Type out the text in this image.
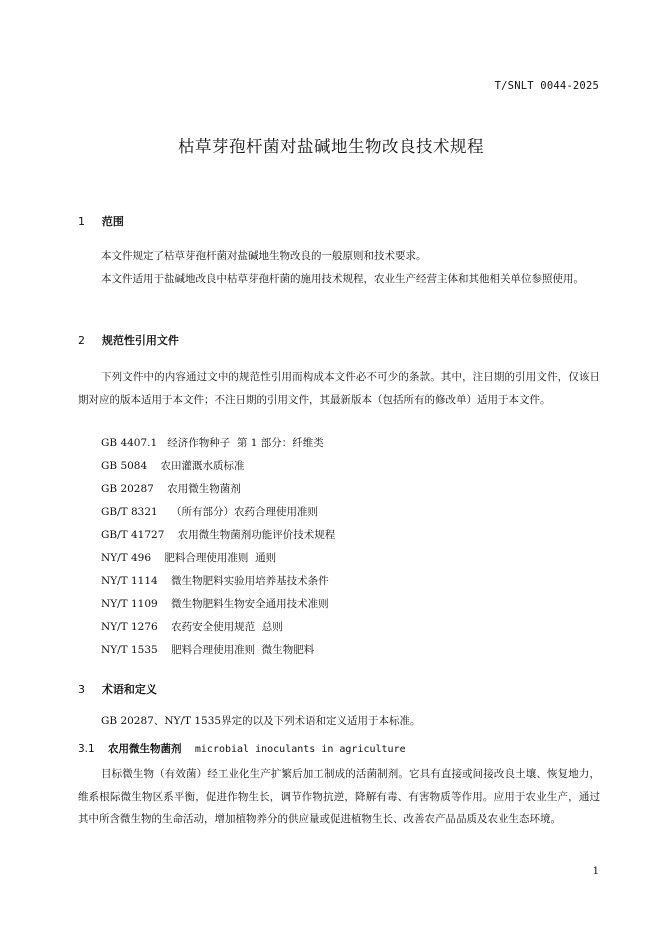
T/SNLT 0044-2025
枯草芽孢杆菌对盐碱地生物改良技术规程
1 范围
本文件规定了枯草芽孢杆菌对盐碱地生物改良的一般原则和技术要求。
本文件适用于盐碱地改良中枯草芽孢杆菌的施用技术规程，农业生产经营主体和其他相关单位参照使用。
2 规范性引用文件
下列文件中的内容通过文中的规范性引用而构成本文件必不可少的条款。其中，注日期的引用文件，仅该日期对应的版本适用于本文件；不注日期的引用文件，其最新版本（包括所有的修改单）适用于本文件。
GB 4407.1   经济作物种子  第 1 部分：纤维类
GB 5084    农田灌溉水质标准
GB 20287    农用微生物菌剂
GB/T 8321    （所有部分）农药合理使用准则
GB/T 41727    农用微生物菌剂功能评价技术规程
NY/T 496    肥料合理使用准则  通则
NY/T 1114    微生物肥料实验用培养基技术条件
NY/T 1109    微生物肥料生物安全通用技术准则
NY/T 1276    农药安全使用规范  总则
NY/T 1535    肥料合理使用准则  微生物肥料
3 术语和定义
GB 20287、NY/T 1535界定的以及下列术语和定义适用于本标准。
3.1 农用微生物菌剂 microbial inoculants in agriculture
目标微生物（有效菌）经工业化生产扩繁后加工制成的活菌制剂。它具有直接或间接改良土壤、恢复地力，维系根际微生物区系平衡，促进作物生长，调节作物抗逆，降解有毒、有害物质等作用。应用于农业生产，通过其中所含微生物的生命活动，增加植物养分的供应量或促进植物生长、改善农产品品质及农业生态环境。
1
